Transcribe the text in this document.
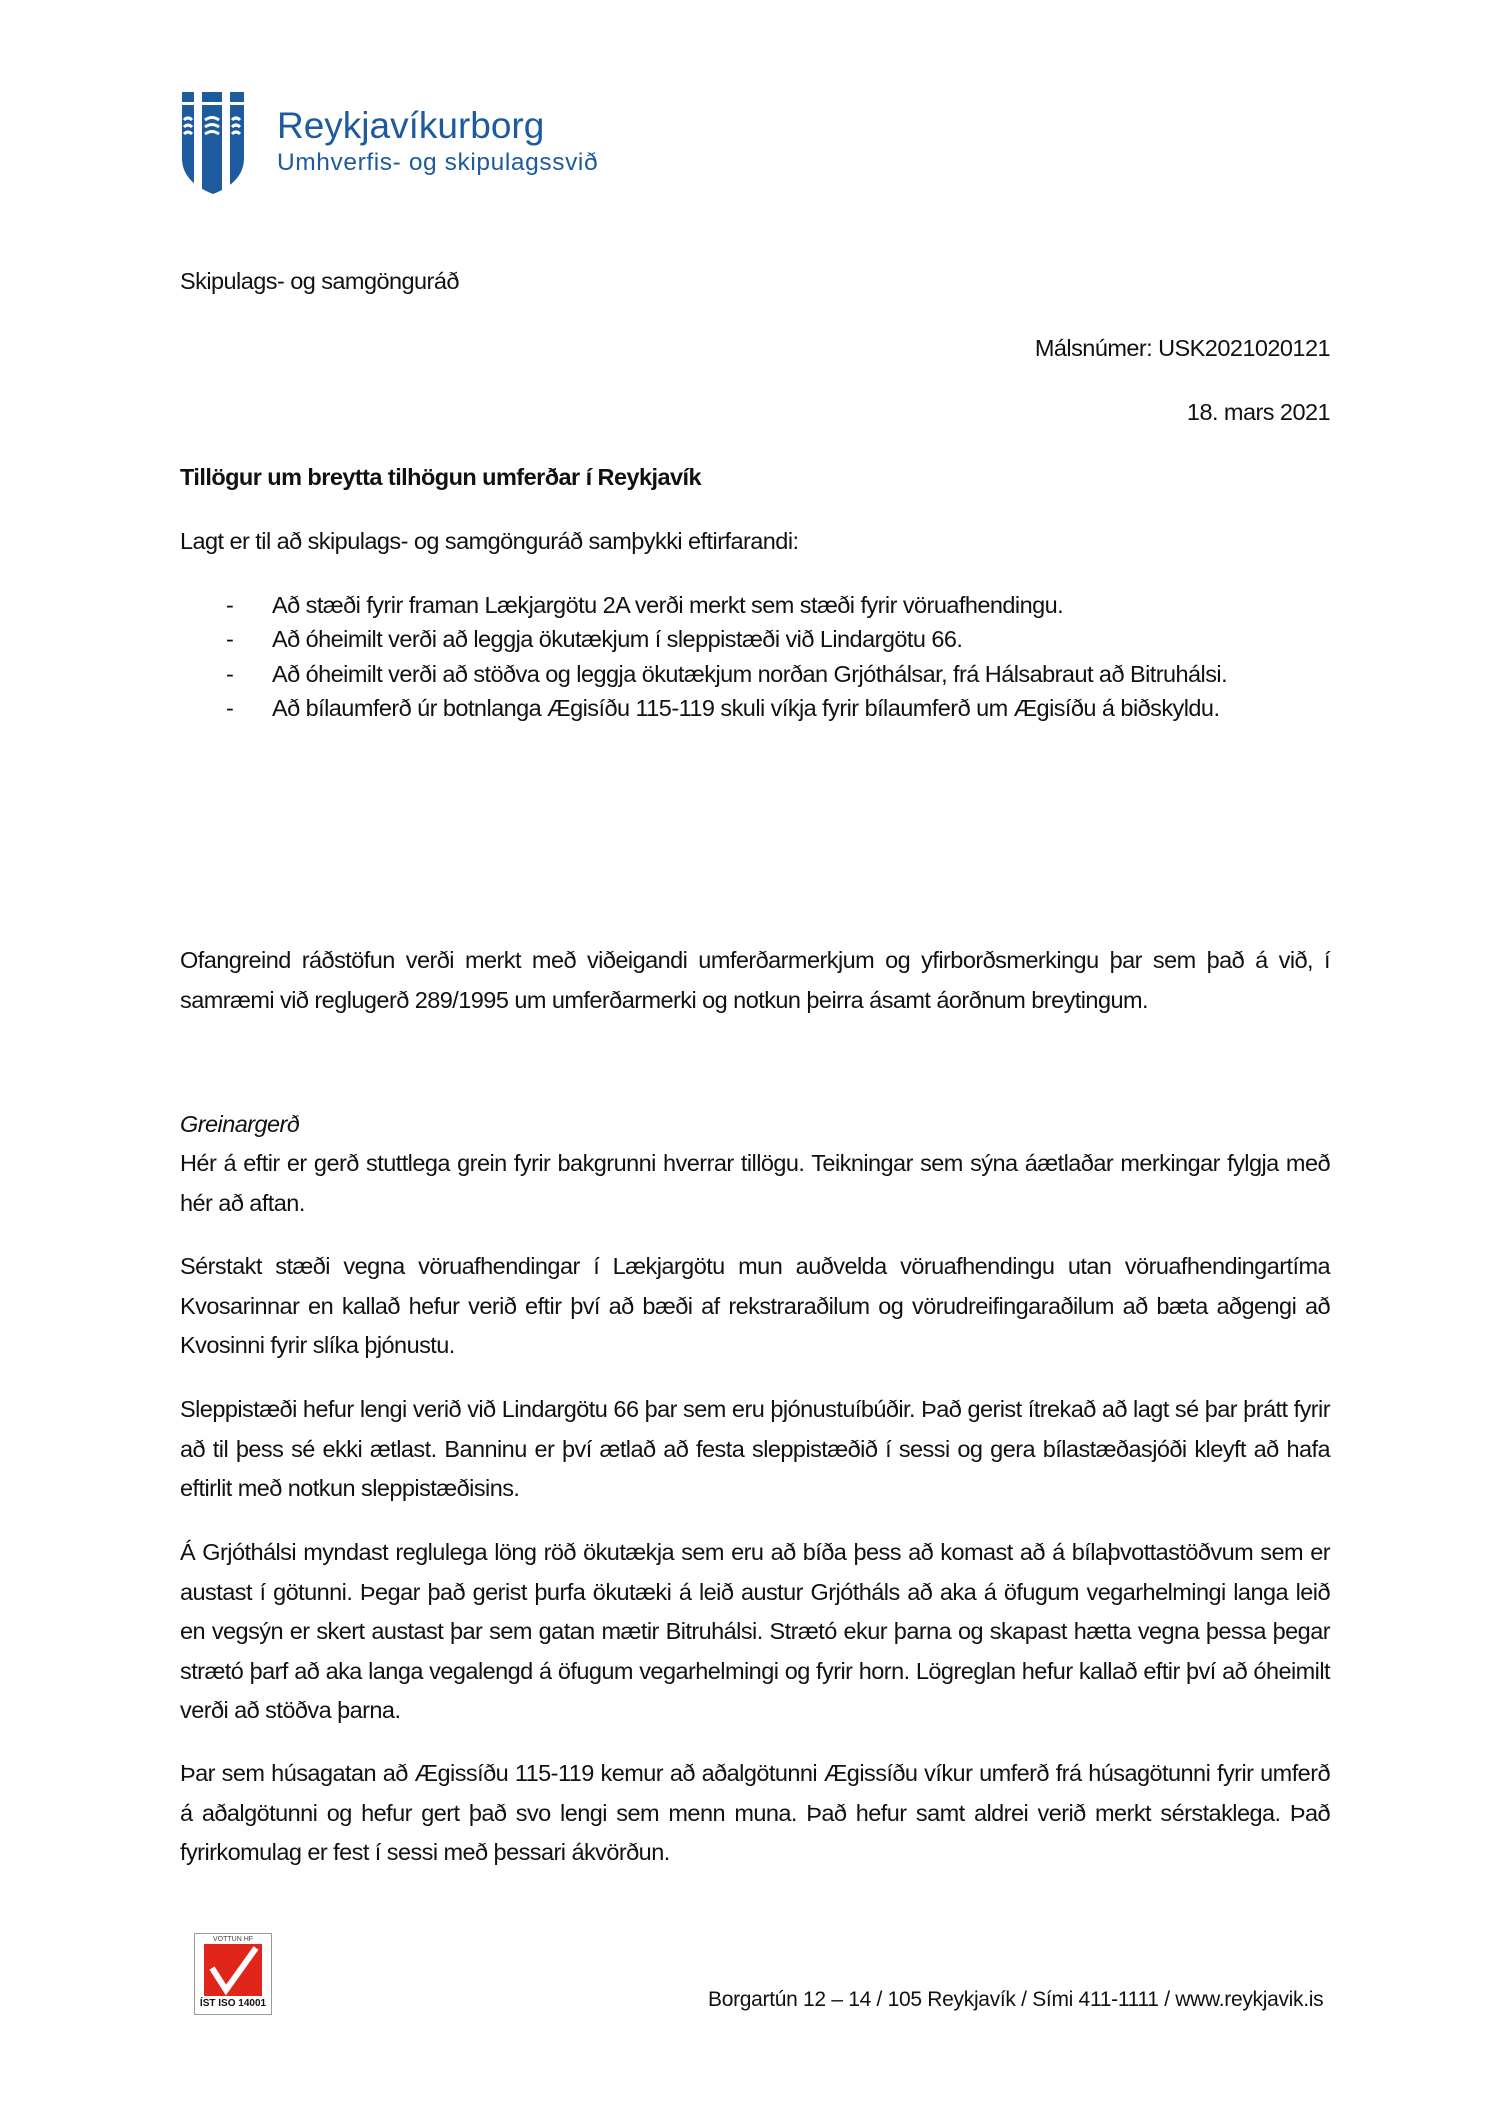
Reykjavíkurborg
Umhverfis- og skipulagssvið

Skipulags- og samgönguráð

Málsnúmer: USK2021020121

18. mars 2021

Tillögur um breytta tilhögun umferðar í Reykjavík

Lagt er til að skipulags- og samgönguráð samþykki eftirfarandi:

- Að stæði fyrir framan Lækjargötu 2A verði merkt sem stæði fyrir vöruafhendingu.
- Að óheimilt verði að leggja ökutækjum í sleppistæði við Lindargötu 66.
- Að óheimilt verði að stöðva og leggja ökutækjum norðan Grjóthálsar, frá Hálsabraut að Bitruhálsi.
- Að bílaumferð úr botnlanga Ægisíðu 115-119 skuli víkja fyrir bílaumferð um Ægisíðu á biðskyldu.

Ofangreind ráðstöfun verði merkt með viðeigandi umferðarmerkjum og yfirborðsmerkingu þar sem það á við, í samræmi við reglugerð 289/1995 um umferðarmerki og notkun þeirra ásamt áorðnum breytingum.

Greinargerð

Hér á eftir er gerð stuttlega grein fyrir bakgrunni hverrar tillögu. Teikningar sem sýna áætlaðar merkingar fylgja með hér að aftan.

Sérstakt stæði vegna vöruafhendingar í Lækjargötu mun auðvelda vöruafhendingu utan vöruafhendingartíma Kvosarinnar en kallað hefur verið eftir því að bæði af rekstraraðilum og vörudreifingaraðilum að bæta aðgengi að Kvosinni fyrir slíka þjónustu.

Sleppistæði hefur lengi verið við Lindargötu 66 þar sem eru þjónustuíbúðir. Það gerist ítrekað að lagt sé þar þrátt fyrir að til þess sé ekki ætlast. Banninu er því ætlað að festa sleppistæðið í sessi og gera bílastæðasjóði kleyft að hafa eftirlit með notkun sleppistæðisins.

Á Grjóthálsi myndast reglulega löng röð ökutækja sem eru að bíða þess að komast að á bílaþvottastöðvum sem er austast í götunni. Þegar það gerist þurfa ökutæki á leið austur Grjótháls að aka á öfugum vegarhelmingi langa leið en vegsýn er skert austast þar sem gatan mætir Bitruhálsi. Strætó ekur þarna og skapast hætta vegna þessa þegar strætó þarf að aka langa vegalengd á öfugum vegarhelmingi og fyrir horn. Lögreglan hefur kallað eftir því að óheimilt verði að stöðva þarna.

Þar sem húsagatan að Ægissíðu 115-119 kemur að aðalgötunni Ægissíðu víkur umferð frá húsagötunni fyrir umferð á aðalgötunni og hefur gert það svo lengi sem menn muna. Það hefur samt aldrei verið merkt sérstaklega. Það fyrirkomulag er fest í sessi með þessari ákvörðun.

VOTTUN HF
ÍST ISO 14001	Borgartún 12 – 14 / 105 Reykjavík / Sími 411-1111 / www.reykjavik.is
